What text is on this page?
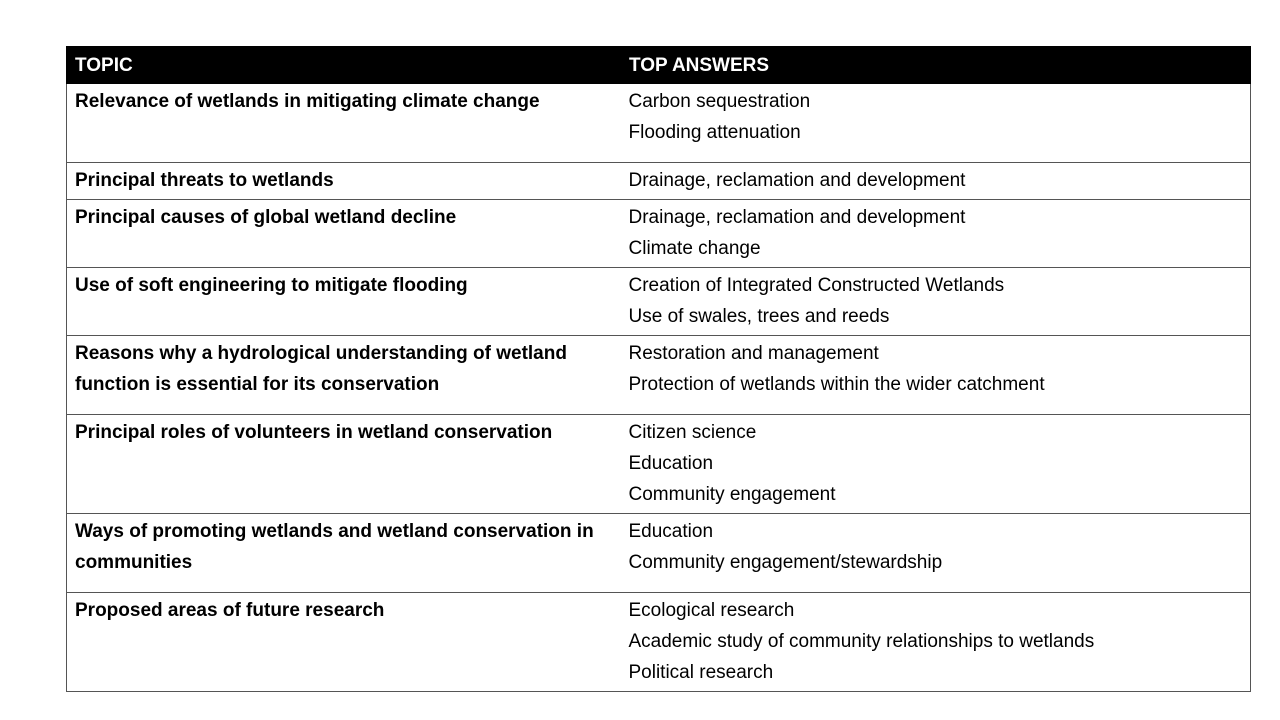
TOPIC	TOP ANSWERS
Relevance of wetlands in mitigating climate change	Carbon sequestration
Flooding attenuation

Principal threats to wetlands	Drainage, reclamation and development

Principal causes of global wetland decline	Drainage, reclamation and development
Climate change

Use of soft engineering to mitigate flooding	Creation of Integrated Constructed Wetlands
Use of swales, trees and reeds

Reasons why a hydrological understanding of wetland function is essential for its conservation	Restoration and management
Protection of wetlands within the wider catchment

Principal roles of volunteers in wetland conservation	Citizen science
Education
Community engagement

Ways of promoting wetlands and wetland conservation in communities	Education
Community engagement/stewardship

Proposed areas of future research	Ecological research
Academic study of community relationships to wetlands
Political research
